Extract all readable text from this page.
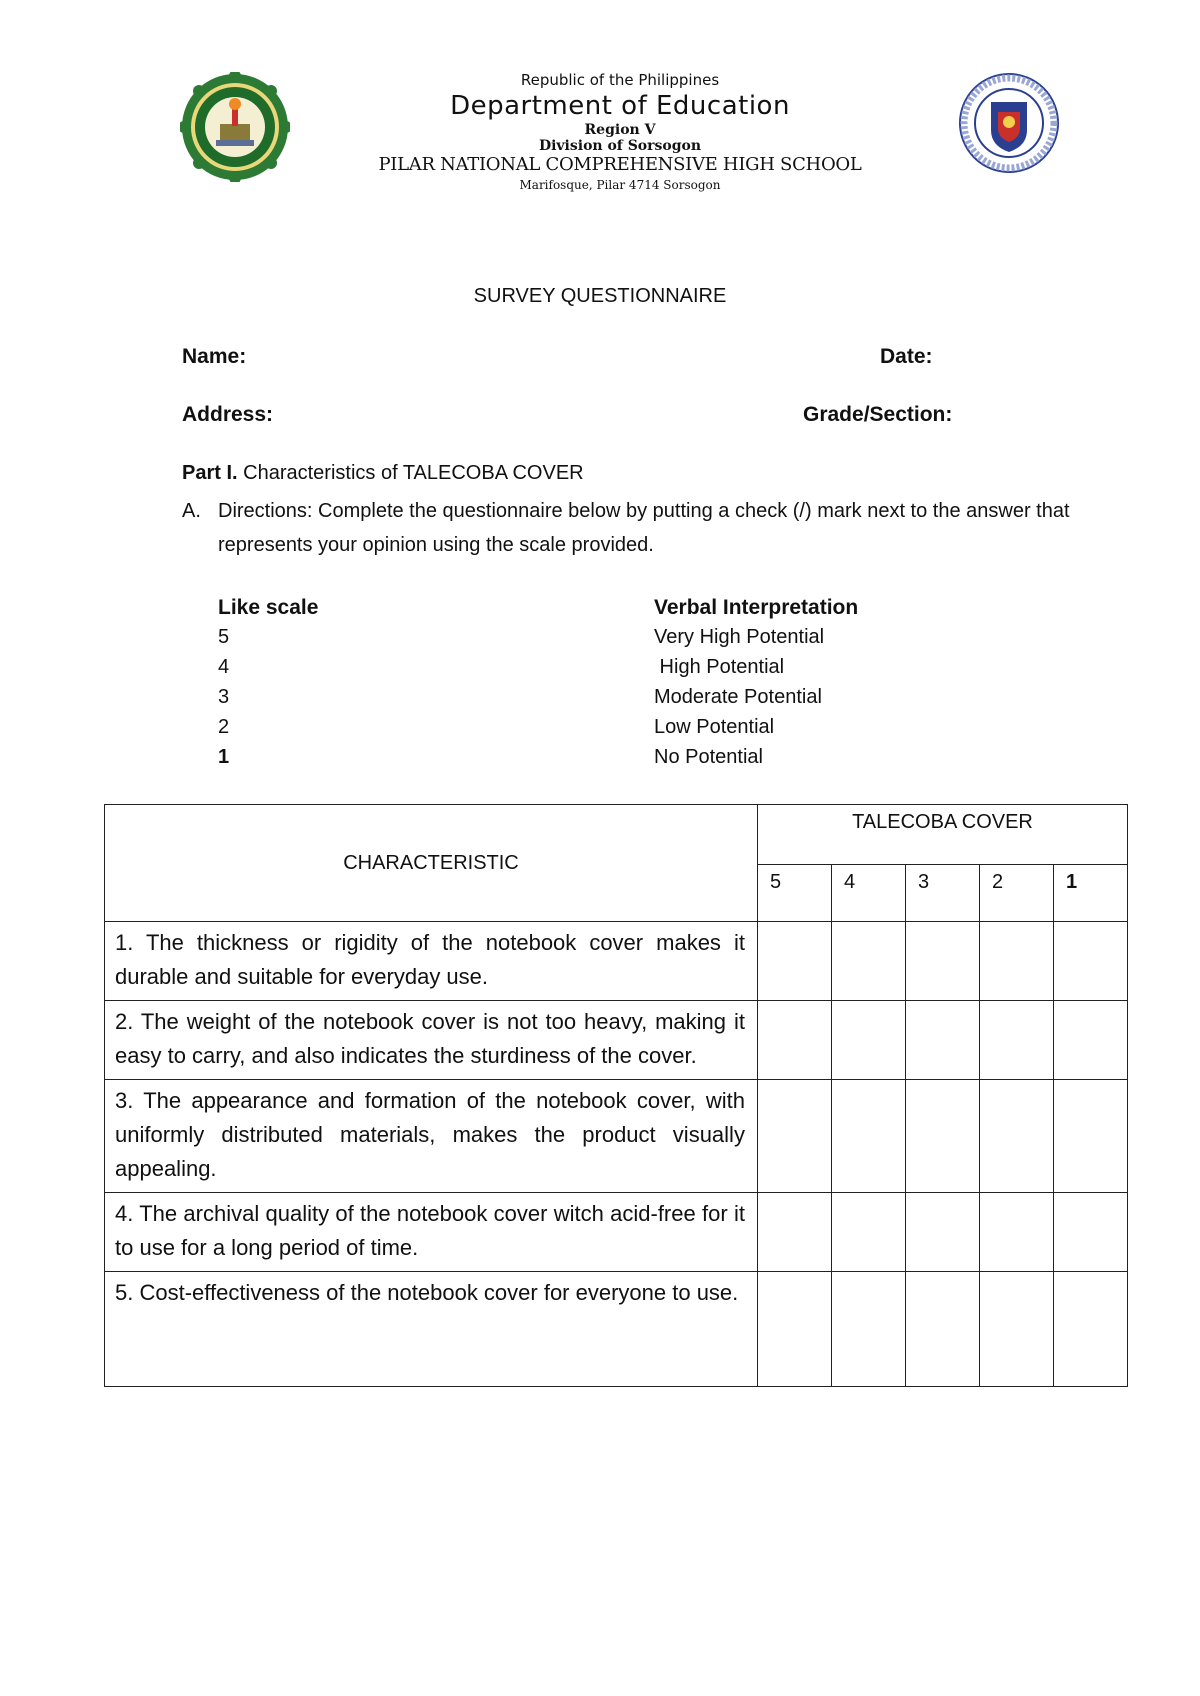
Republic of the Philippines

Department of Education

Region V

Division of Sorsogon

PILAR NATIONAL COMPREHENSIVE HIGH SCHOOL

Marifosque, Pilar 4714 Sorsogon

SURVEY QUESTIONNAIRE
Name:	Date:
Address:	Grade/Section:
Part I. Characteristics of TALECOBA COVER
A. Directions: Complete the questionnaire below by putting a check (/) mark next to the answer that represents your opinion using the scale provided.
Like scale	Verbal Interpretation
5	Very High Potential
4	High Potential
3	Moderate Potential
2	Low Potential
1	No Potential
CHARACTERISTIC	TALECOBA COVER				
	5	4	3	2	1
1. The thickness or rigidity of the notebook cover makes it durable and suitable for everyday use.					
2. The weight of the notebook cover is not too heavy, making it easy to carry, and also indicates the sturdiness of the cover.					
3. The appearance and formation of the notebook cover, with uniformly distributed materials, makes the product visually appealing.					
4. The archival quality of the notebook cover witch acid-free for it to use for a long period of time.					
5. Cost-effectiveness of the notebook cover for everyone to use.					
